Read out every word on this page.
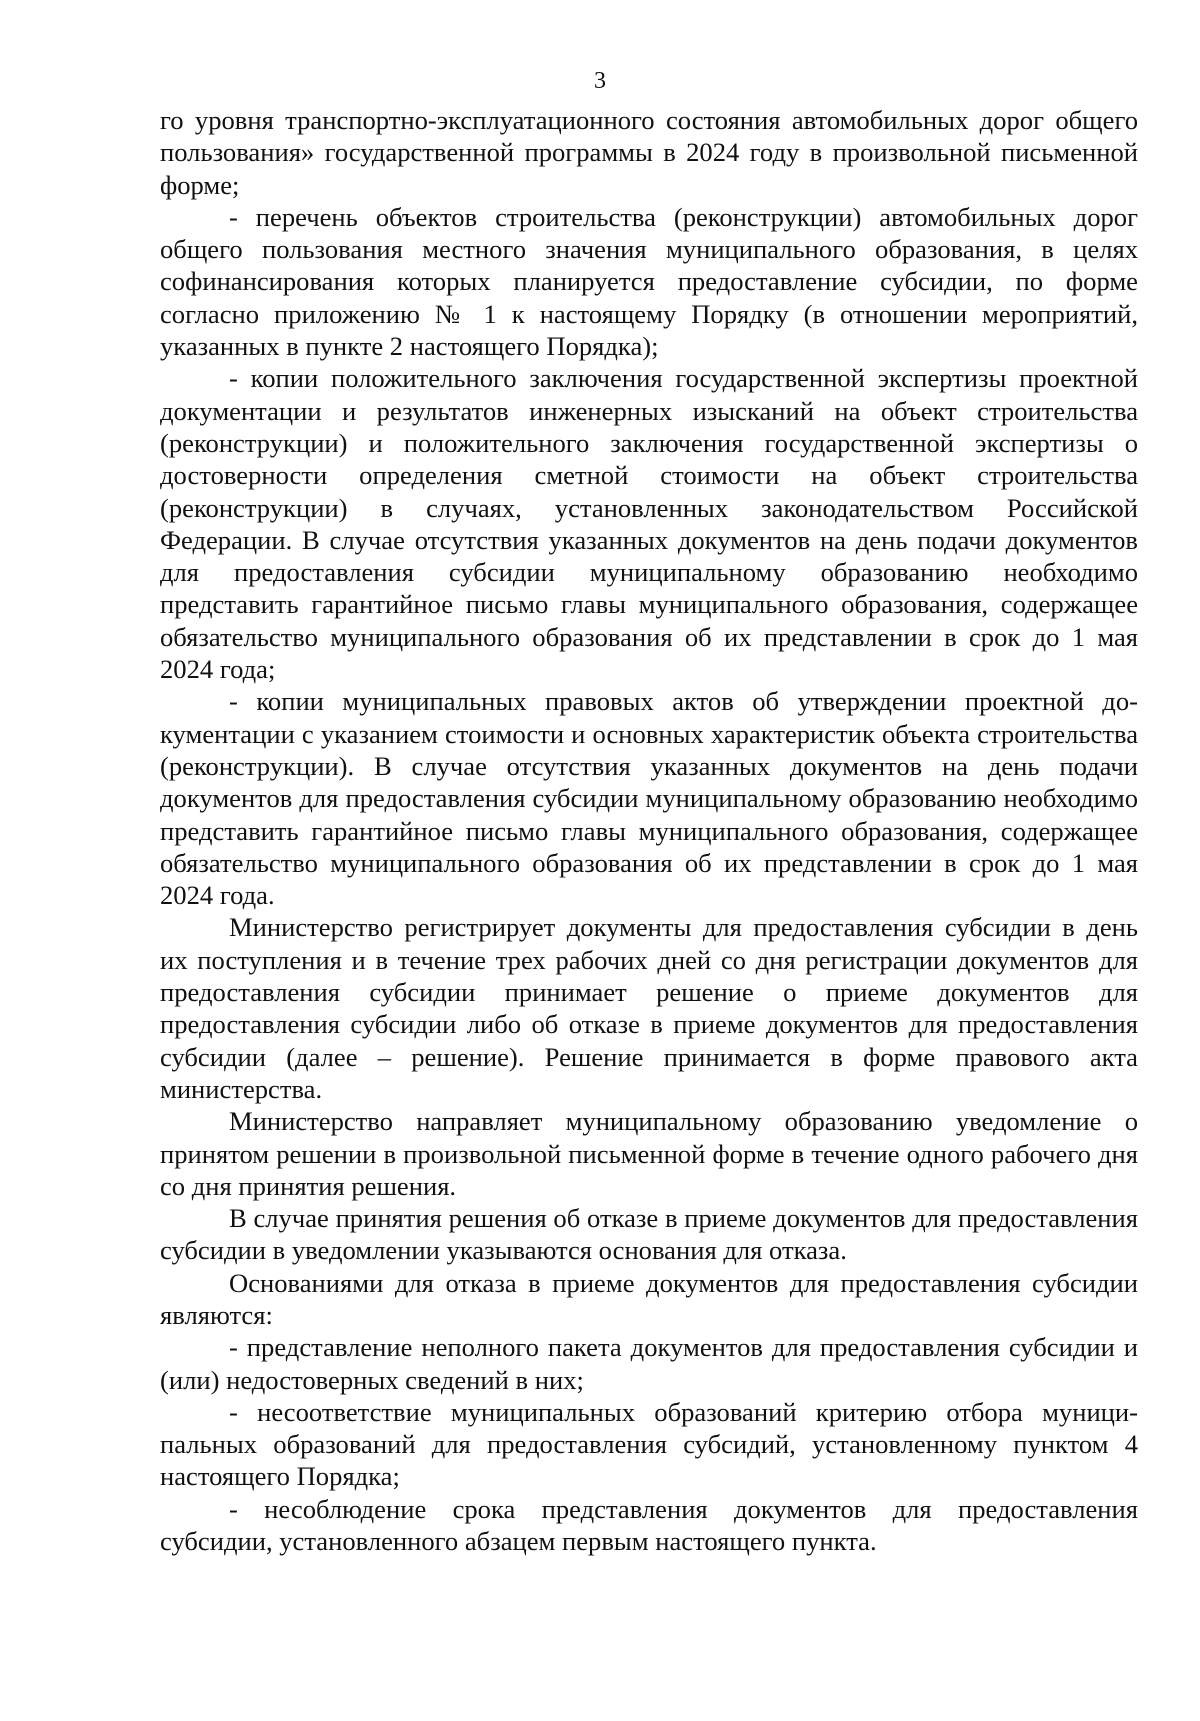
3

го уровня транспортно-эксплуатационного состояния автомобильных дорог общего пользования» государственной программы в 2024 году в произвольной письменной форме;

- перечень объектов строительства (реконструкции) автомобильных дорог общего пользования местного значения муниципального образования, в целях софинансирования которых планируется предоставление субсидии, по форме согласно приложению № 1 к настоящему Порядку (в отношении мероприятий, указанных в пункте 2 настоящего Порядка);

- копии положительного заключения государственной экспертизы проектной документации и результатов инженерных изысканий на объект строительства (реконструкции) и положительного заключения государственной экспертизы о достоверности определения сметной стоимости на объект строительства (реконструкции) в случаях, установленных законодательством Российской Федерации. В случае отсутствия указанных документов на день подачи документов для предоставления субсидии муниципальному образованию необходимо представить гарантийное письмо главы муниципального образования, содержащее обязательство муниципального образования об их представлении в срок до 1 мая 2024 года;

- копии муниципальных правовых актов об утверждении проектной документации с указанием стоимости и основных характеристик объекта строительства (реконструкции). В случае отсутствия указанных документов на день подачи документов для предоставления субсидии муниципальному образованию необходимо представить гарантийное письмо главы муниципального образования, содержащее обязательство муниципального образования об их представлении в срок до 1 мая 2024 года.

Министерство регистрирует документы для предоставления субсидии в день их поступления и в течение трех рабочих дней со дня регистрации документов для предоставления субсидии принимает решение о приеме документов для предоставления субсидии либо об отказе в приеме документов для предоставления субсидии (далее – решение). Решение принимается в форме правового акта министерства.

Министерство направляет муниципальному образованию уведомление о принятом решении в произвольной письменной форме в течение одного рабочего дня со дня принятия решения.

В случае принятия решения об отказе в приеме документов для предоставления субсидии в уведомлении указываются основания для отказа.

Основаниями для отказа в приеме документов для предоставления субсидии являются:

- представление неполного пакета документов для предоставления субсидии и (или) недостоверных сведений в них;

- несоответствие муниципальных образований критерию отбора муниципальных образований для предоставления субсидий, установленному пунктом 4 настоящего Порядка;

- несоблюдение срока представления документов для предоставления субсидии, установленного абзацем первым настоящего пункта.
